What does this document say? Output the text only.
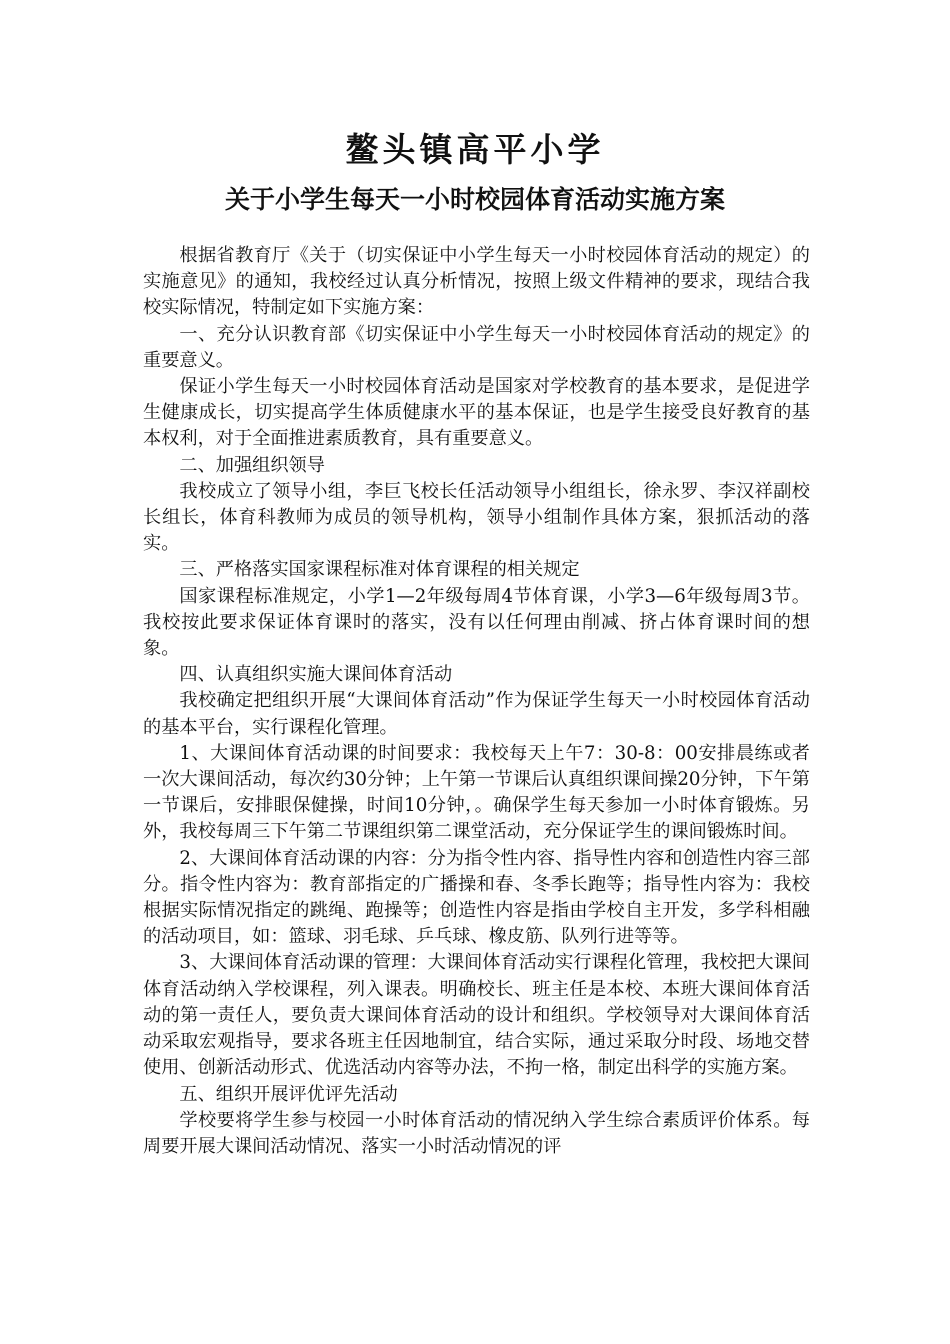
鳌头镇高平小学
关于小学生每天一小时校园体育活动实施方案

根据省教育厅《关于（切实保证中小学生每天一小时校园体育活动的规定）的实施意见》的通知，我校经过认真分析情况，按照上级文件精神的要求，现结合我校实际情况，特制定如下实施方案：

一、充分认识教育部《切实保证中小学生每天一小时校园体育活动的规定》的重要意义。

保证小学生每天一小时校园体育活动是国家对学校教育的基本要求，是促进学生健康成长，切实提高学生体质健康水平的基本保证，也是学生接受良好教育的基本权利，对于全面推进素质教育，具有重要意义。

二、加强组织领导

我校成立了领导小组，李巨飞校长任活动领导小组组长，徐永罗、李汉祥副校长组长，体育科教师为成员的领导机构，领导小组制作具体方案，狠抓活动的落实。

三、严格落实国家课程标准对体育课程的相关规定

国家课程标准规定，小学1—2年级每周4节体育课，小学3—6年级每周3节。我校按此要求保证体育课时的落实，没有以任何理由削减、挤占体育课时间的想象。

四、认真组织实施大课间体育活动

我校确定把组织开展“大课间体育活动”作为保证学生每天一小时校园体育活动的基本平台，实行课程化管理。

1、大课间体育活动课的时间要求：我校每天上午7：30-8：00安排晨练或者一次大课间活动，每次约30分钟；上午第一节课后认真组织课间操20分钟，下午第一节课后，安排眼保健操，时间10分钟，。确保学生每天参加一小时体育锻炼。另外，我校每周三下午第二节课组织第二课堂活动，充分保证学生的课间锻炼时间。

2、大课间体育活动课的内容：分为指令性内容、指导性内容和创造性内容三部分。指令性内容为：教育部指定的广播操和春、冬季长跑等；指导性内容为：我校根据实际情况指定的跳绳、跑操等；创造性内容是指由学校自主开发，多学科相融的活动项目，如：篮球、羽毛球、乒乓球、橡皮筋、队列行进等等。

3、大课间体育活动课的管理：大课间体育活动实行课程化管理，我校把大课间体育活动纳入学校课程，列入课表。明确校长、班主任是本校、本班大课间体育活动的第一责任人，要负责大课间体育活动的设计和组织。学校领导对大课间体育活动采取宏观指导，要求各班主任因地制宜，结合实际，通过采取分时段、场地交替使用、创新活动形式、优选活动内容等办法，不拘一格，制定出科学的实施方案。

五、组织开展评优评先活动

学校要将学生参与校园一小时体育活动的情况纳入学生综合素质评价体系。每周要开展大课间活动情况、落实一小时活动情况的评
